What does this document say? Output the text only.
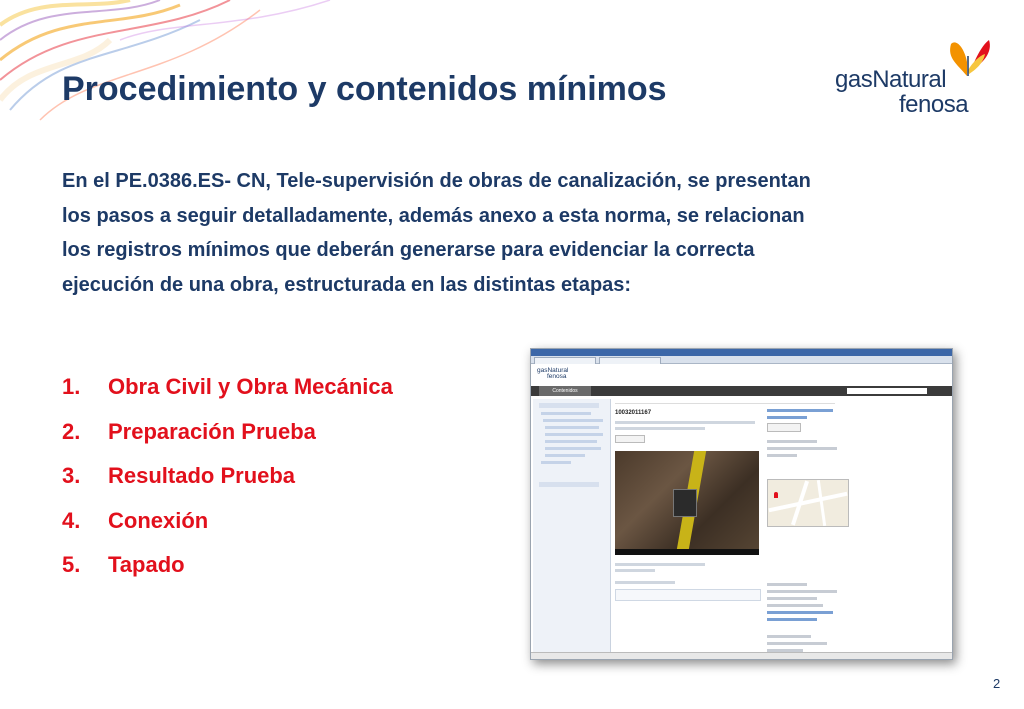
Procedimiento y contenidos mínimos	gasNatural
fenosa
En el PE.0386.ES- CN, Tele-supervisión de obras de canalización, se presentan
los pasos a seguir detalladamente, además anexo a esta norma, se relacionan
los registros mínimos que deberán generarse para evidenciar la correcta
ejecución de una obra, estructurada en las distintas etapas:
1. Obra Civil y Obra Mecánica
2. Preparación Prueba
3. Resultado Prueba
4. Conexión
5. Tapado
gasNatural
fenosa
Contenidos
10032011167
2
